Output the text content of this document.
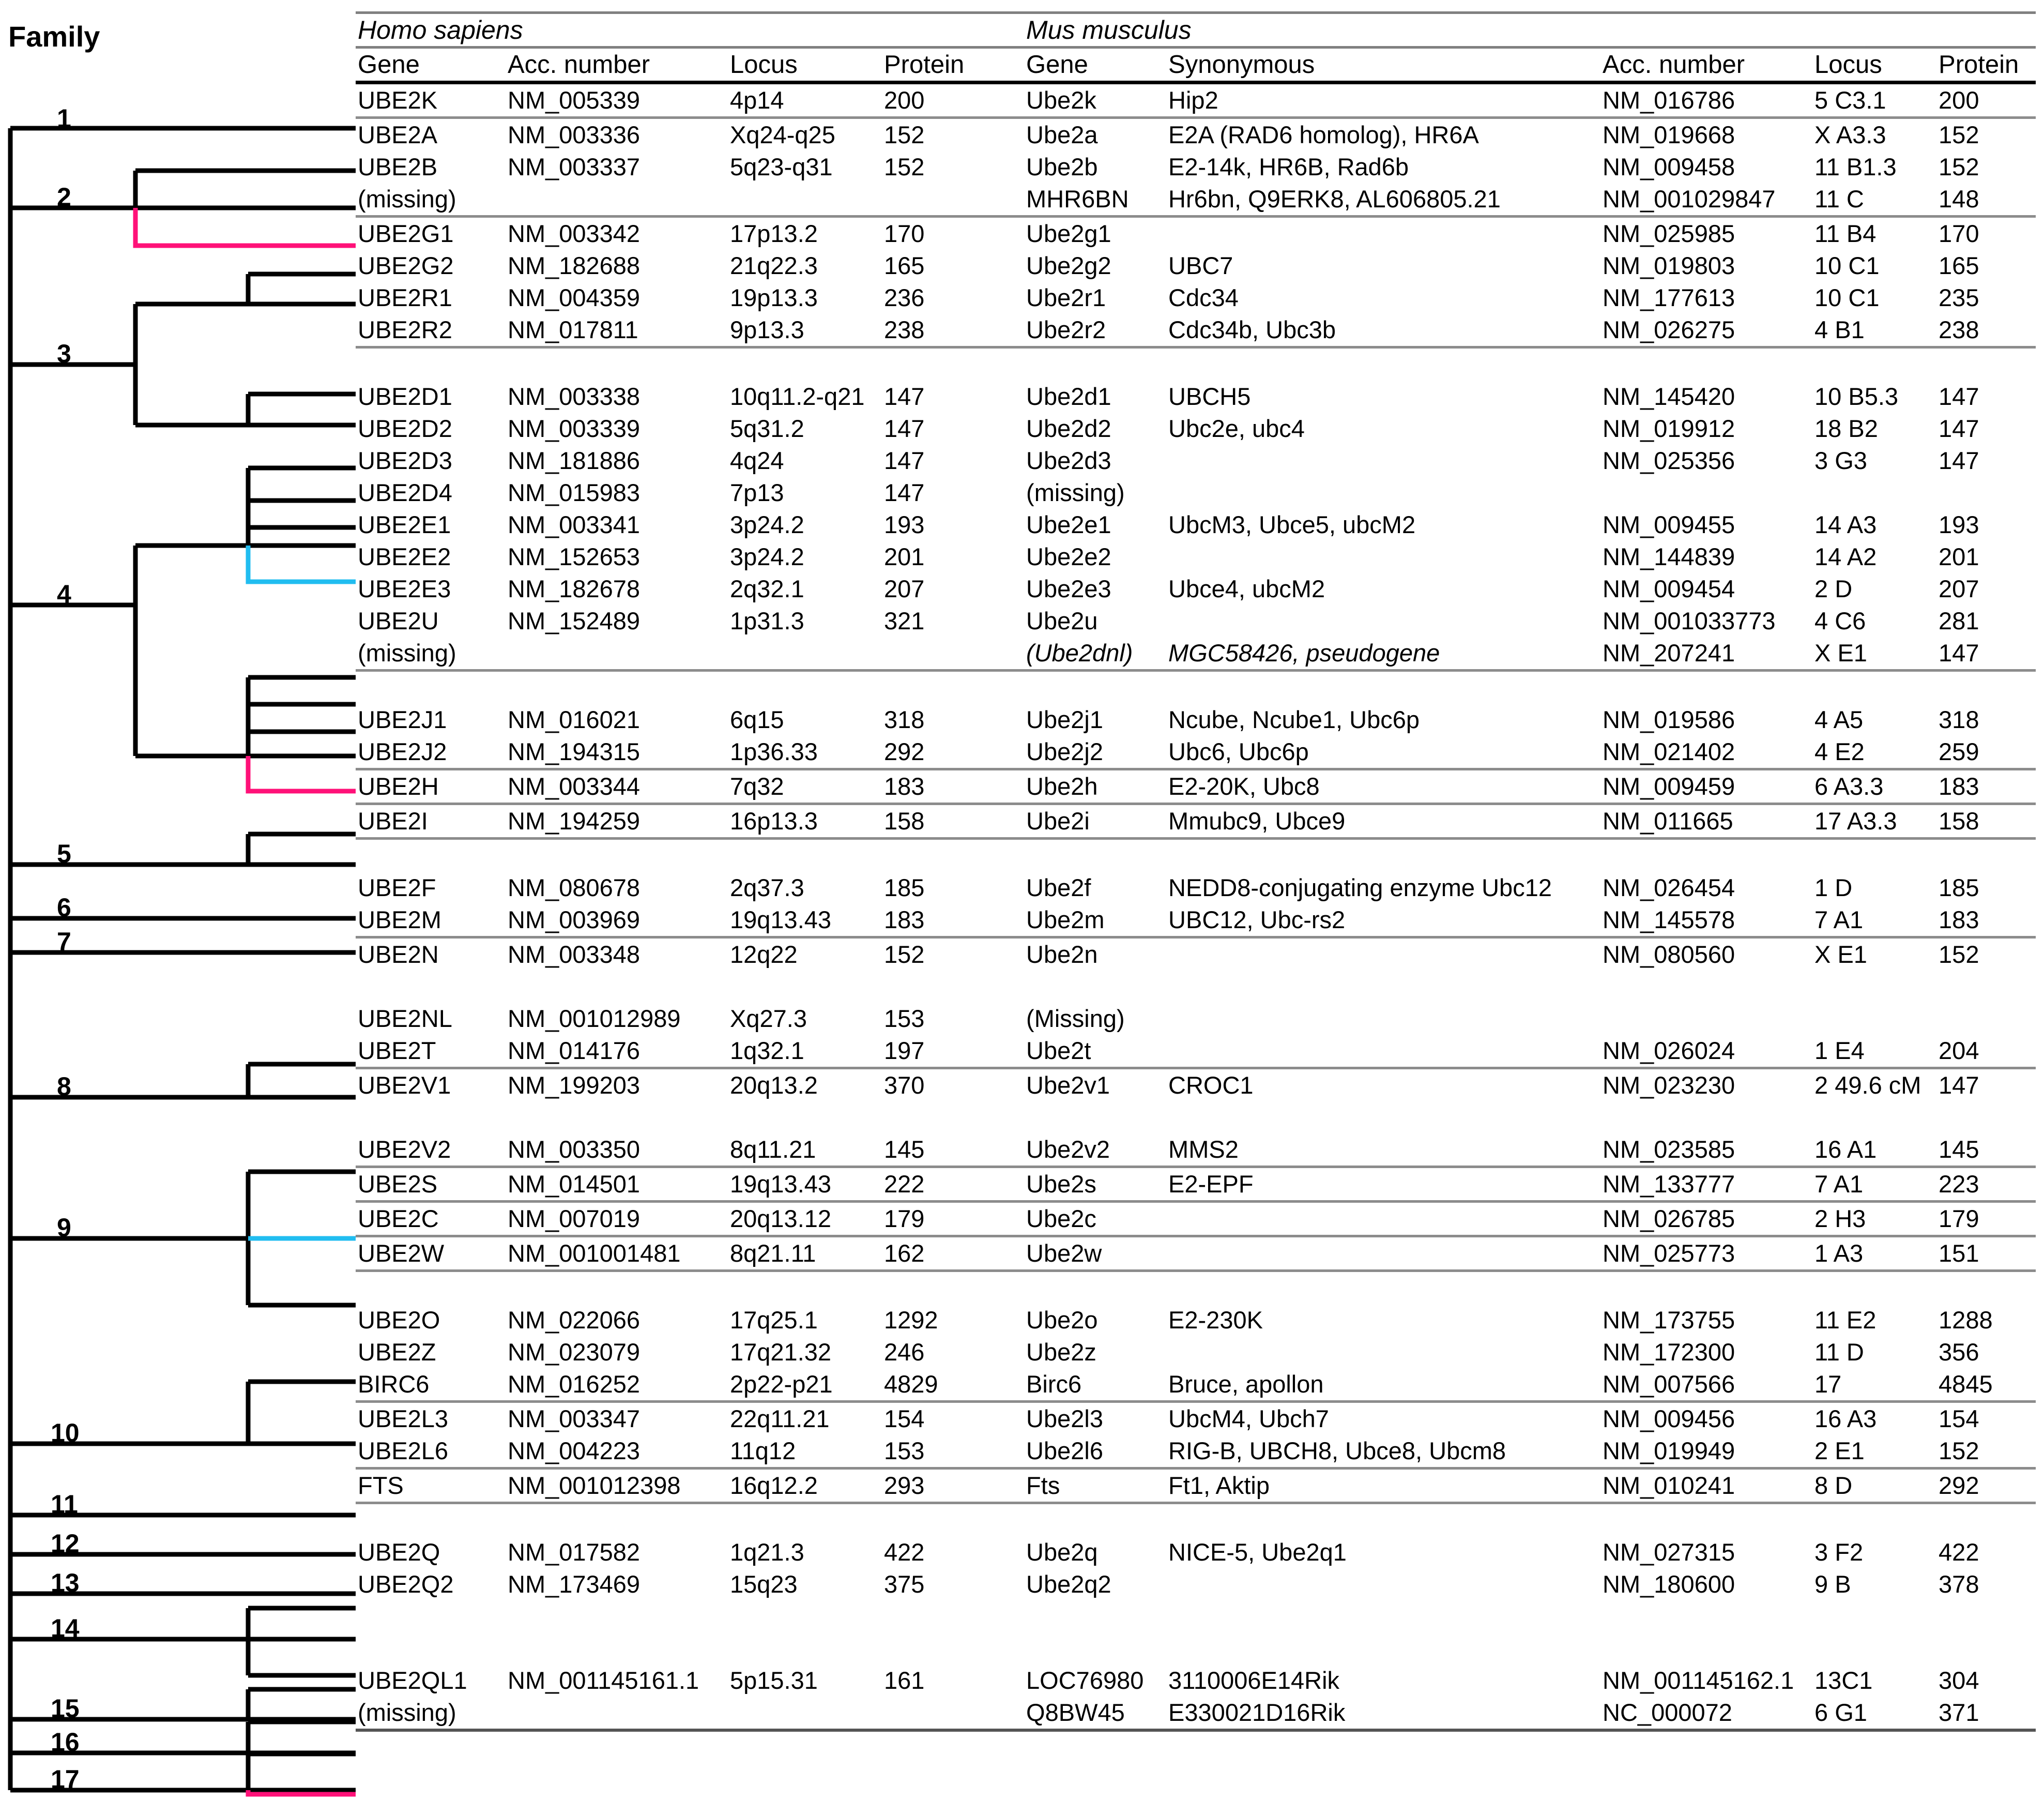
Family
1
2
3
4
5
6
7
8
9
10
11
12
13
14
15
16
17
Homo sapiens				Mus musculus				
Gene	Acc. number	Locus	Protein	Gene	Synonymous	Acc. number	Locus	Protein
UBE2K	NM_005339	4p14	200	Ube2k	Hip2	NM_016786	5 C3.1	200
UBE2A	NM_003336	Xq24-q25	152	Ube2a	E2A (RAD6 homolog), HR6A	NM_019668	X A3.3	152
UBE2B	NM_003337	5q23-q31	152	Ube2b	E2-14k, HR6B, Rad6b	NM_009458	11 B1.3	152
(missing)				MHR6BN	Hr6bn, Q9ERK8, AL606805.21	NM_001029847	11 C	148
UBE2G1	NM_003342	17p13.2	170	Ube2g1		NM_025985	11 B4	170
UBE2G2	NM_182688	21q22.3	165	Ube2g2	UBC7	NM_019803	10 C1	165
UBE2R1	NM_004359	19p13.3	236	Ube2r1	Cdc34	NM_177613	10 C1	235
UBE2R2	NM_017811	9p13.3	238	Ube2r2	Cdc34b, Ubc3b	NM_026275	4 B1	238

UBE2D1	NM_003338	10q11.2-q21	147	Ube2d1	UBCH5	NM_145420	10 B5.3	147
UBE2D2	NM_003339	5q31.2	147	Ube2d2	Ubc2e, ubc4	NM_019912	18 B2	147
UBE2D3	NM_181886	4q24	147	Ube2d3		NM_025356	3 G3	147
UBE2D4	NM_015983	7p13	147	(missing)				
UBE2E1	NM_003341	3p24.2	193	Ube2e1	UbcM3, Ubce5, ubcM2	NM_009455	14 A3	193
UBE2E2	NM_152653	3p24.2	201	Ube2e2		NM_144839	14 A2	201
UBE2E3	NM_182678	2q32.1	207	Ube2e3	Ubce4, ubcM2	NM_009454	2 D	207
UBE2U	NM_152489	1p31.3	321	Ube2u		NM_001033773	4 C6	281
(missing)				(Ube2dnl)	MGC58426, pseudogene	NM_207241	X E1	147

UBE2J1	NM_016021	6q15	318	Ube2j1	Ncube, Ncube1, Ubc6p	NM_019586	4 A5	318
UBE2J2	NM_194315	1p36.33	292	Ube2j2	Ubc6, Ubc6p	NM_021402	4 E2	259
UBE2H	NM_003344	7q32	183	Ube2h	E2-20K, Ubc8	NM_009459	6 A3.3	183
UBE2I	NM_194259	16p13.3	158	Ube2i	Mmubc9, Ubce9	NM_011665	17 A3.3	158

UBE2F	NM_080678	2q37.3	185	Ube2f	NEDD8-conjugating enzyme Ubc12	NM_026454	1 D	185
UBE2M	NM_003969	19q13.43	183	Ube2m	UBC12, Ubc-rs2	NM_145578	7 A1	183
UBE2N	NM_003348	12q22	152	Ube2n		NM_080560	X E1	152

UBE2NL	NM_001012989	Xq27.3	153	(Missing)				
UBE2T	NM_014176	1q32.1	197	Ube2t		NM_026024	1 E4	204
UBE2V1	NM_199203	20q13.2	370	Ube2v1	CROC1	NM_023230	2 49.6 cM	147

UBE2V2	NM_003350	8q11.21	145	Ube2v2	MMS2	NM_023585	16 A1	145
UBE2S	NM_014501	19q13.43	222	Ube2s	E2-EPF	NM_133777	7 A1	223
UBE2C	NM_007019	20q13.12	179	Ube2c		NM_026785	2 H3	179
UBE2W	NM_001001481	8q21.11	162	Ube2w		NM_025773	1 A3	151

UBE2O	NM_022066	17q25.1	1292	Ube2o	E2-230K	NM_173755	11 E2	1288
UBE2Z	NM_023079	17q21.32	246	Ube2z		NM_172300	11 D	356
BIRC6	NM_016252	2p22-p21	4829	Birc6	Bruce, apollon	NM_007566	17	4845
UBE2L3	NM_003347	22q11.21	154	Ube2l3	UbcM4, Ubch7	NM_009456	16 A3	154
UBE2L6	NM_004223	11q12	153	Ube2l6	RIG-B, UBCH8, Ubce8, Ubcm8	NM_019949	2 E1	152
FTS	NM_001012398	16q12.2	293	Fts	Ft1, Aktip	NM_010241	8 D	292

UBE2Q	NM_017582	1q21.3	422	Ube2q	NICE-5, Ube2q1	NM_027315	3 F2	422
UBE2Q2	NM_173469	15q23	375	Ube2q2		NM_180600	9 B	378

UBE2QL1	NM_001145161.1	5p15.31	161	LOC76980	3110006E14Rik	NM_001145162.1	13C1	304
(missing)				Q8BW45	E330021D16Rik	NC_000072	6 G1	371
